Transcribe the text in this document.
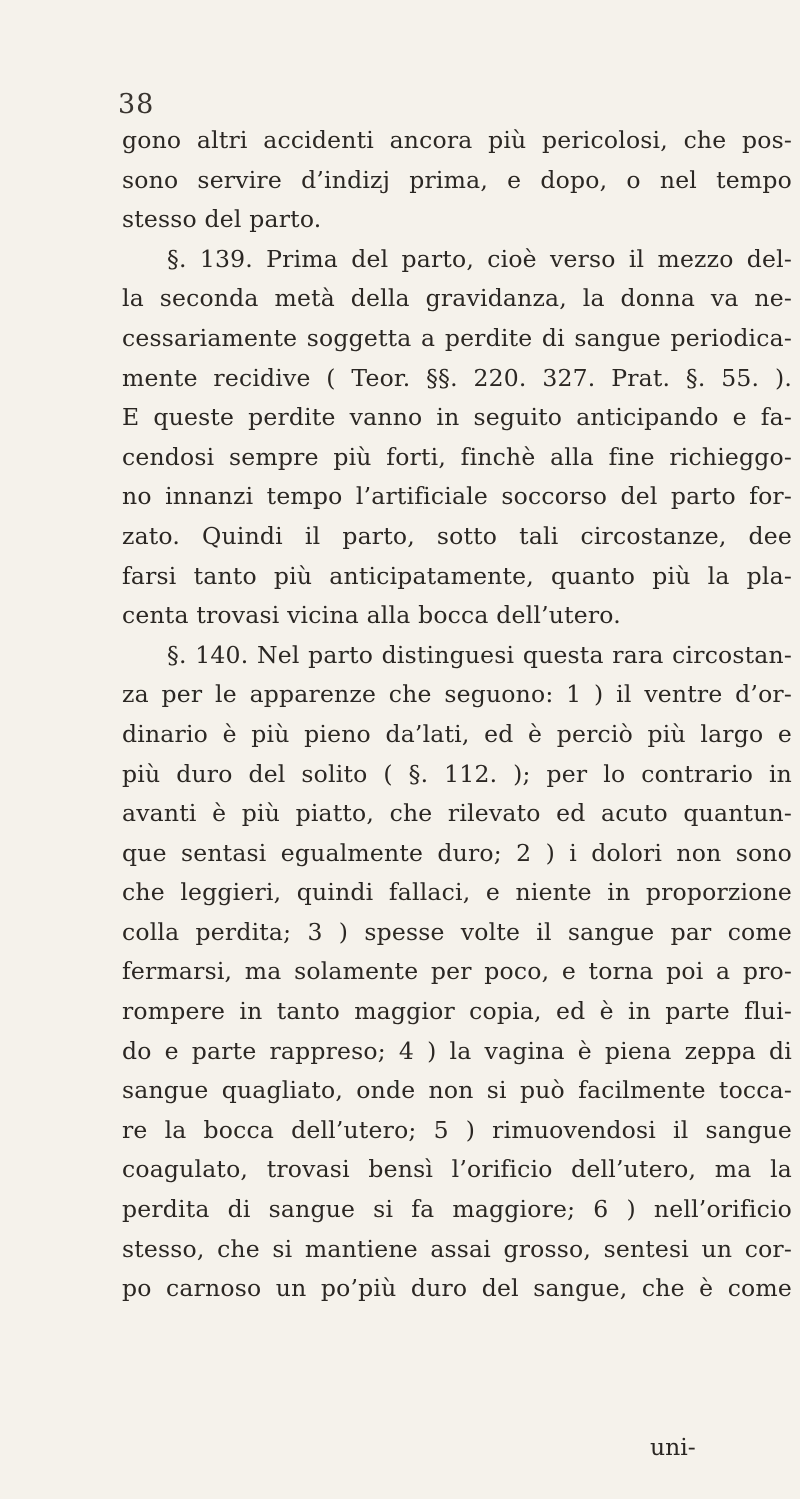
38
gono altri accidenti ancora più pericolosi, che pos-
sono servire d’indizj prima, e dopo, o nel tempo
stesso del parto.
§. 139. Prima del parto, cioè verso il mezzo del-
la seconda metà della gravidanza, la donna va ne-
cessariamente soggetta a perdite di sangue periodica-
mente recidive ( Teor. §§. 220. 327. Prat. §. 55. ).
E queste perdite vanno in seguito anticipando e fa-
cendosi sempre più forti, finchè alla fine richieggo-
no innanzi tempo l’artificiale soccorso del parto for-
zato. Quindi il parto, sotto tali circostanze, dee
farsi tanto più anticipatamente, quanto più la pla-
centa trovasi vicina alla bocca dell’utero.
§. 140. Nel parto distinguesi questa rara circostan-
za per le apparenze che seguono: 1 ) il ventre d’or-
dinario è più pieno da’lati, ed è perciò più largo e
più duro del solito ( §. 112. ); per lo contrario in
avanti è più piatto, che rilevato ed acuto quantun-
que sentasi egualmente duro; 2 ) i dolori non sono
che leggieri, quindi fallaci, e niente in proporzione
colla perdita; 3 ) spesse volte il sangue par come
fermarsi, ma solamente per poco, e torna poi a pro-
rompere in tanto maggior copia, ed è in parte flui-
do e parte rappreso; 4 ) la vagina è piena zeppa di
sangue quagliato, onde non si può facilmente tocca-
re la bocca dell’utero; 5 ) rimuovendosi il sangue
coagulato, trovasi bensì l’orificio dell’utero, ma la
perdita di sangue si fa maggiore; 6 ) nell’orificio
stesso, che si mantiene assai grosso, sentesi un cor-
po carnoso un po’più duro del sangue, che è come
uni-
